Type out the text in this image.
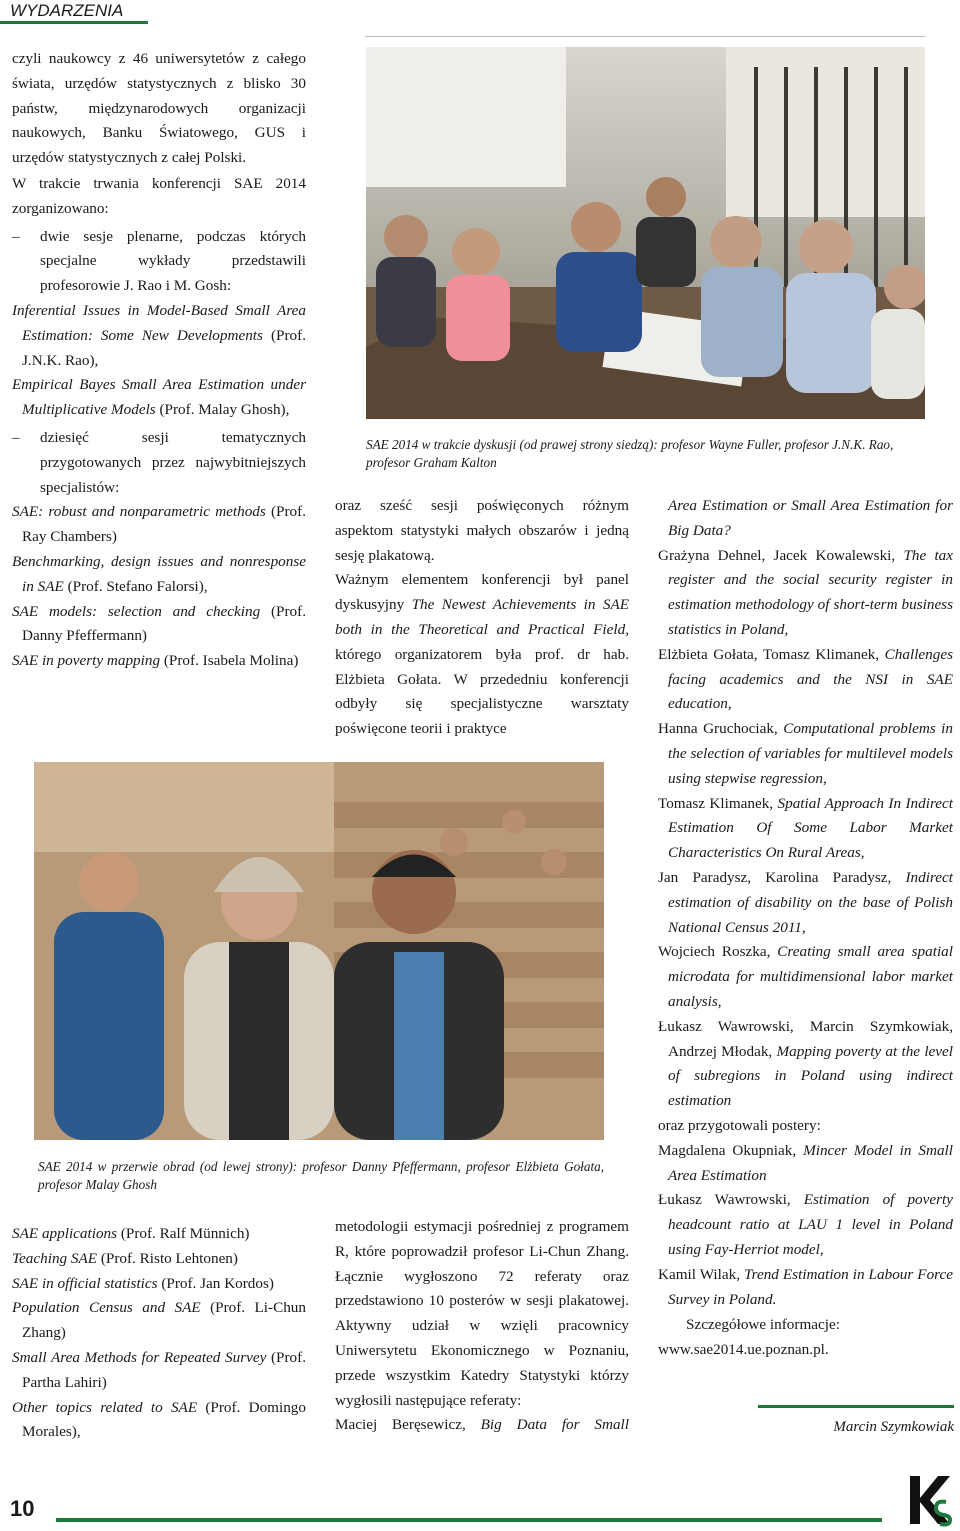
WYDARZENIA

czyli naukowcy z 46 uniwersytetów z całego świata, urzędów statystycznych z blisko 30 państw, międzynarodowych organizacji naukowych, Banku Światowego, GUS i urzędów statystycznych z całej Polski.

W trakcie trwania konferencji SAE 2014 zorganizowano:

–	dwie sesje plenarne, podczas których specjalne wykłady przedstawili profesorowie J. Rao i M. Gosh:

Inferential Issues in Model-Based Small Area Estimation: Some New Developments (Prof. J.N.K. Rao),

Empirical Bayes Small Area Estimation under Multiplicative Models (Prof. Malay Ghosh),

–	dziesięć sesji tematycznych przygotowanych przez najwybitniejszych specjalistów:

SAE: robust and nonparametric methods (Prof. Ray Chambers)

Benchmarking, design issues and nonresponse in SAE (Prof. Stefano Falorsi),

SAE models: selection and checking (Prof. Danny Pfeffermann)

SAE in poverty mapping (Prof. Isabela Molina)

SAE 2014 w trakcie dyskusji (od prawej strony siedzą): profesor Wayne Fuller, profesor J.N.K. Rao, profesor Graham Kalton

oraz sześć sesji poświęconych różnym aspektom statystyki małych obszarów i jedną sesję plakatową.

Ważnym elementem konferencji był panel dyskusyjny The Newest Achievements in SAE both in the Theoretical and Practical Field, którego organizatorem była prof. dr hab. Elżbieta Gołata. W przededniu konferencji odbyły się specjalistyczne warsztaty poświęcone teorii i praktyce

SAE 2014 w przerwie obrad (od lewej strony): profesor Danny Pfeffermann, profesor Elżbieta Gołata, profesor Malay Ghosh

SAE applications (Prof. Ralf Münnich)

Teaching SAE (Prof. Risto Lehtonen)

SAE in official statistics (Prof. Jan Kordos)

Population Census and SAE (Prof. Li-Chun Zhang)

Small Area Methods for Repeated Survey (Prof. Partha Lahiri)

Other topics related to SAE (Prof. Domingo Morales),

metodologii estymacji pośredniej z programem R, które poprowadził profesor Li-Chun Zhang. Łącznie wygłoszono 72 referaty oraz przedstawiono 10 posterów w sesji plakatowej. Aktywny udział w wzięli pracownicy Uniwersytetu Ekonomicznego w Poznaniu, przede wszystkim Katedry Statystyki którzy wygłosili następujące referaty:

Maciej Beręsewicz, Big Data for Small

Area Estimation or Small Area Estimation for Big Data?

Grażyna Dehnel, Jacek Kowalewski, The tax register and the social security register in estimation methodology of short-term business statistics in Poland,

Elżbieta Gołata, Tomasz Klimanek, Challenges facing academics and the NSI in SAE education,

Hanna Gruchociak, Computational problems in the selection of variables for multilevel models using stepwise regression,

Tomasz Klimanek, Spatial Approach In Indirect Estimation Of Some Labor Market Characteristics On Rural Areas,

Jan Paradysz, Karolina Paradysz, Indirect estimation of disability on the base of Polish National Census 2011,

Wojciech Roszka, Creating small area spatial microdata for multidimensional labor market analysis,

Łukasz Wawrowski, Marcin Szymkowiak, Andrzej Młodak, Mapping poverty at the level of subregions in Poland using indirect estimation

oraz przygotowali postery:

Magdalena Okupniak, Mincer Model in Small Area Estimation

Łukasz Wawrowski, Estimation of poverty headcount ratio at LAU 1 level in Poland using Fay-Herriot model,

Kamil Wilak, Trend Estimation in Labour Force Survey in Poland.

Szczegółowe informacje:

www.sae2014.ue.poznan.pl.

Marcin Szymkowiak
10
